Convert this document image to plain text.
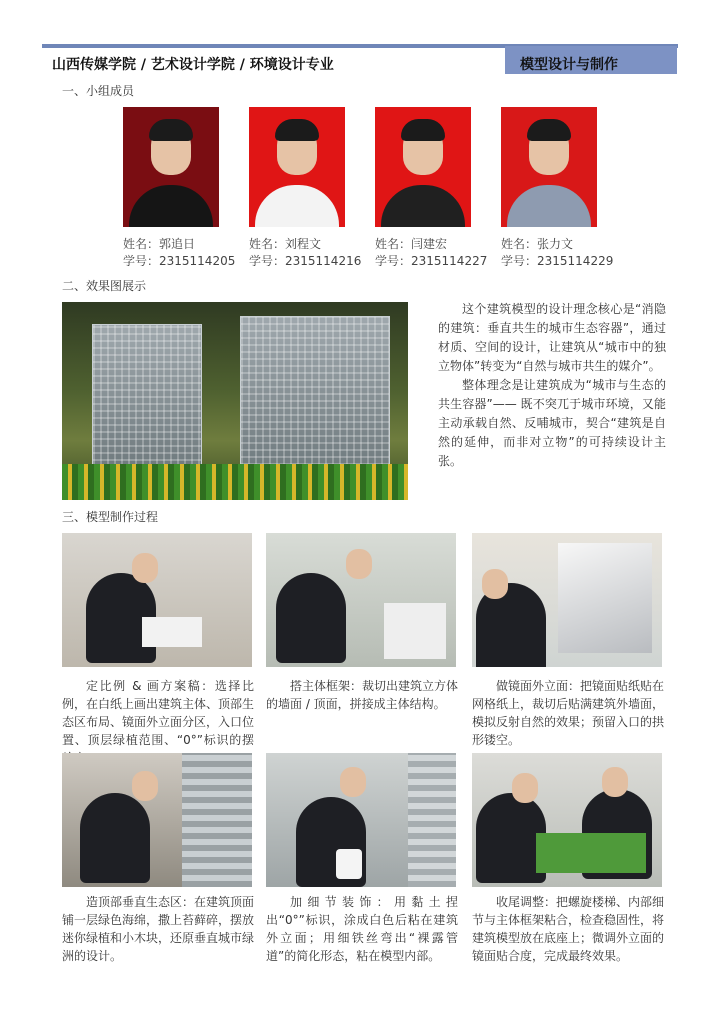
山西传媒学院 / 艺术设计学院 / 环境设计专业	模型设计与制作
一、小组成员
姓名：郭追日
学号：2315114205
姓名：刘程文
学号：2315114216
姓名：闫建宏
学号：2315114227
姓名：张力文
学号：2315114229
二、效果图展示

这个建筑模型的设计理念核心是“消隐的建筑：垂直共生的城市生态容器”，通过材质、空间的设计，让建筑从“城市中的独立物体”转变为“自然与城市共生的媒介”。

整体理念是让建筑成为“城市与生态的共生容器”—— 既不突兀于城市环境，又能主动承载自然、反哺城市，契合“建筑是自然的延伸，而非对立物”的可持续设计主张。

三、模型制作过程
定比例 & 画方案稿：选择比例，在白纸上画出建筑主体、顶部生态区布局、镜面外立面分区，入口位置、顶层绿植范围、“0°”标识的摆
搭主体框架：裁切出建筑立方体的墙面 / 顶面，拼接成主体结构。
做镜面外立面：把镜面贴纸贴在网格纸上，裁切后贴满建筑外墙面，模拟反射自然的效果；预留入口的拱形镂空。
造顶部垂直生态区：在建筑顶面铺一层绿色海绵，撒上苔藓碎，摆放迷你绿植和小木块，还原垂直城市绿洲的设计。
加细节装饰：用黏土捏出“0°”标识，涂成白色后粘在建筑外立面；用细铁丝弯出“裸露管道”的简化形态，粘在模型内部。
收尾调整：把螺旋楼梯、内部细节与主体框架粘合，检查稳固性，将建筑模型放在底座上；微调外立面的镜面贴合度，完成最终效果。
